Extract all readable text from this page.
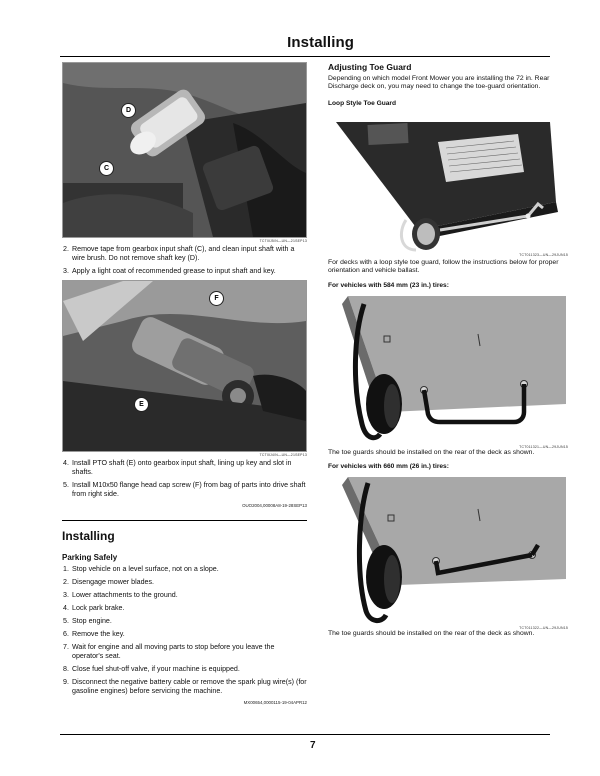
Installing
D
C
TCT0Ĳ5/N—UN—21SEP13
2. Remove tape from gearbox input shaft (C), and clean input shaft with a wire brush. Do not remove shaft key (D).
3. Apply a light coat of recommended grease to input shaft and key.
F
E
TCT0Ĳ4/N—UN—21SEP13
4. Install PTO shaft (E) onto gearbox input shaft, lining up key and slot in shafts.
5. Install M10x50 flange head cap screw (F) from bag of parts into drive shaft from right side.
OUO2004,00008A8-19-28SEP13
Installing
Parking Safely
1. Stop vehicle on a level surface, not on a slope.
2. Disengage mower blades.
3. Lower attachments to the ground.
4. Lock park brake.
5. Stop engine.
6. Remove the key.
7. Wait for engine and all moving parts to stop before you leave the operator's seat.
8. Close fuel shut-off valve, if your machine is equipped.
9. Disconnect the negative battery cable or remove the spark plug wire(s) (for gasoline engines) before servicing the machine.
MX00654,0000115-19-04APR12
Adjusting Toe Guard

Depending on which model Front Mower you are installing the 72 in. Rear Discharge deck on, you may need to change the toe-guard orientation.

Loop Style Toe Guard
TCT011323—UN—29JUN15

For decks with a loop style toe guard, follow the instructions below for proper orientation and vehicle ballast.

For vehicles with 584 mm (23 in.) tires:
TCT011321—UN—29JUN15

The toe guards should be installed on the rear of the deck as shown.

For vehicles with 660 mm (26 in.) tires:
TCT011322—UN—29JUN15

The toe guards should be installed on the rear of the deck as shown.

7
